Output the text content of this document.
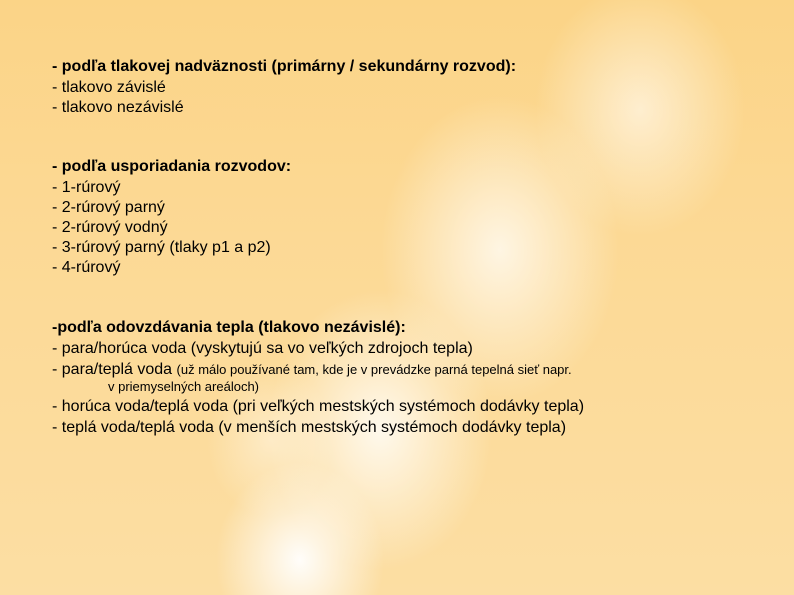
- podľa tlakovej nadväznosti (primárny / sekundárny rozvod):
- tlakovo závislé
- tlakovo nezávislé
- podľa usporiadania rozvodov:
- 1-rúrový
- 2-rúrový parný
- 2-rúrový vodný
- 3-rúrový parný (tlaky p1 a p2)
- 4-rúrový
-podľa odovzdávania tepla (tlakovo nezávislé):
- para/horúca voda (vyskytujú sa vo veľkých zdrojoch tepla)
- para/teplá voda (už málo používané tam, kde je v prevádzke parná tepelná sieť napr.
v priemyselných areáloch)
- horúca voda/teplá voda (pri veľkých mestských systémoch dodávky tepla)
- teplá voda/teplá voda (v menších mestských systémoch dodávky tepla)
